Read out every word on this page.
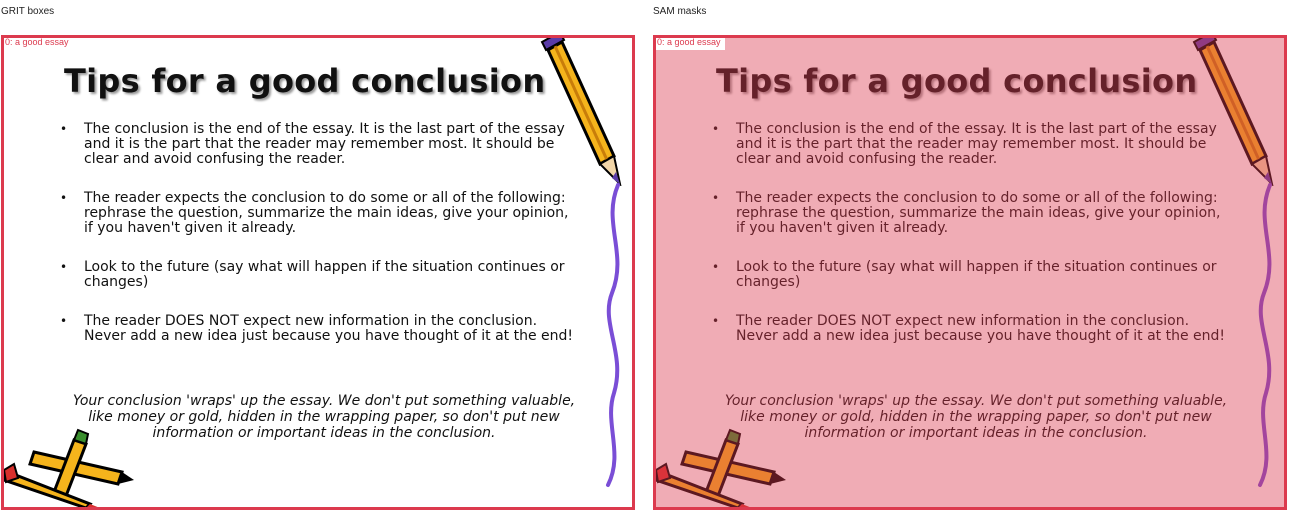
GRIT boxes
0: a good essay
Tips for a good conclusion
• The conclusion is the end of the essay. It is the last part of the essay and it is the part that the reader may remember most. It should be clear and avoid confusing the reader.
• The reader expects the conclusion to do some or all of the following: rephrase the question, summarize the main ideas, give your opinion, if you haven't given it already.
• Look to the future (say what will happen if the situation continues or changes)
• The reader DOES NOT expect new information in the conclusion. Never add a new idea just because you have thought of it at the end!

Your conclusion 'wraps' up the essay. We don't put something valuable, like money or gold, hidden in the wrapping paper, so don't put new information or important ideas in the conclusion.

SAM masks
0: a good essay
Tips for a good conclusion
• The conclusion is the end of the essay. It is the last part of the essay and it is the part that the reader may remember most. It should be clear and avoid confusing the reader.
• The reader expects the conclusion to do some or all of the following: rephrase the question, summarize the main ideas, give your opinion, if you haven't given it already.
• Look to the future (say what will happen if the situation continues or changes)
• The reader DOES NOT expect new information in the conclusion. Never add a new idea just because you have thought of it at the end!

Your conclusion 'wraps' up the essay. We don't put something valuable, like money or gold, hidden in the wrapping paper, so don't put new information or important ideas in the conclusion.
